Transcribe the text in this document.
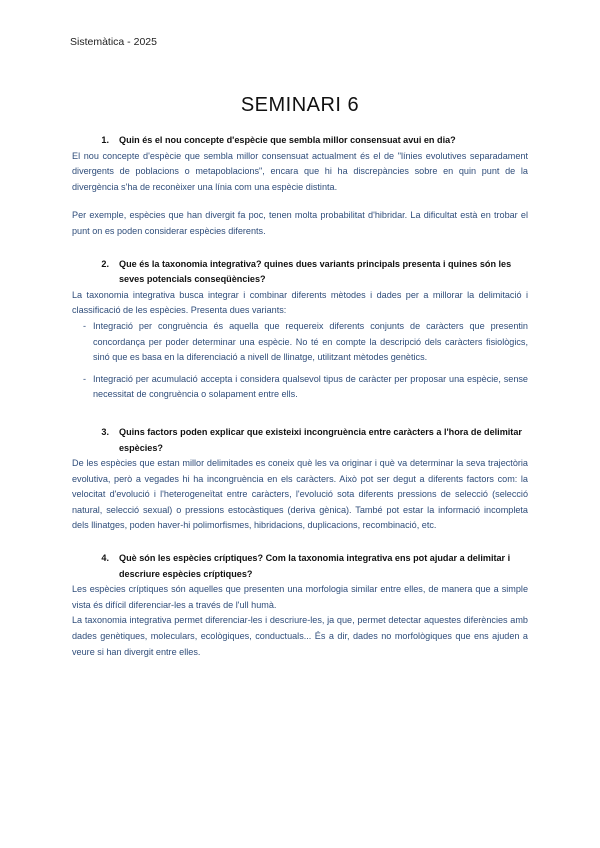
Sistemàtica - 2025
SEMINARI 6
1.	Quin és el nou concepte d'espècie que sembla millor consensuat avui en dia?

El nou concepte d'espècie que sembla millor consensuat actualment és el de "línies evolutives separadament divergents de poblacions o metapoblacions", encara que hi ha discrepàncies sobre en quin punt de la divergència s'ha de reconèixer una línia com una espècie distinta.

Per exemple, espècies que han divergit fa poc, tenen molta probabilitat d'hibridar. La dificultat està en trobar el punt on es poden considerar espècies diferents.

2.	Que és la taxonomia integrativa? quines dues variants principals presenta i quines són les seves potencials conseqüències?

La taxonomia integrativa busca integrar i combinar diferents mètodes i dades per a millorar la delimitació i classificació de les espècies. Presenta dues variants:

- Integració per congruència és aquella que requereix diferents conjunts de caràcters que presentin concordança per poder determinar una espècie. No té en compte la descripció dels caràcters fisiològics, sinó que es basa en la diferenciació a nivell de llinatge, utilitzant mètodes genètics.
- Integració per acumulació accepta i considera qualsevol tipus de caràcter per proposar una espècie, sense necessitat de congruència o solapament entre ells.
3.	Quins factors poden explicar que existeixi incongruència entre caràcters a l'hora de delimitar espècies?

De les espècies que estan millor delimitades es coneix què les va originar i què va determinar la seva trajectòria evolutiva, però a vegades hi ha incongruència en els caràcters. Això pot ser degut a diferents factors com: la velocitat d'evolució i l'heterogeneïtat entre caràcters, l'evolució sota diferents pressions de selecció (selecció natural, selecció sexual) o pressions estocàstiques (deriva gènica). També pot estar la informació incompleta dels llinatges, poden haver-hi polimorfismes, hibridacions, duplicacions, recombinació, etc.

4.	Què són les espècies críptiques? Com la taxonomia integrativa ens pot ajudar a delimitar i descriure espècies críptiques?

Les espècies críptiques són aquelles que presenten una morfologia similar entre elles, de manera que a simple vista és difícil diferenciar-les a través de l'ull humà.

La taxonomia integrativa permet diferenciar-les i descriure-les, ja que, permet detectar aquestes diferències amb dades genètiques, moleculars, ecològiques, conductuals... És a dir, dades no morfològiques que ens ajuden a veure si han divergit entre elles.
